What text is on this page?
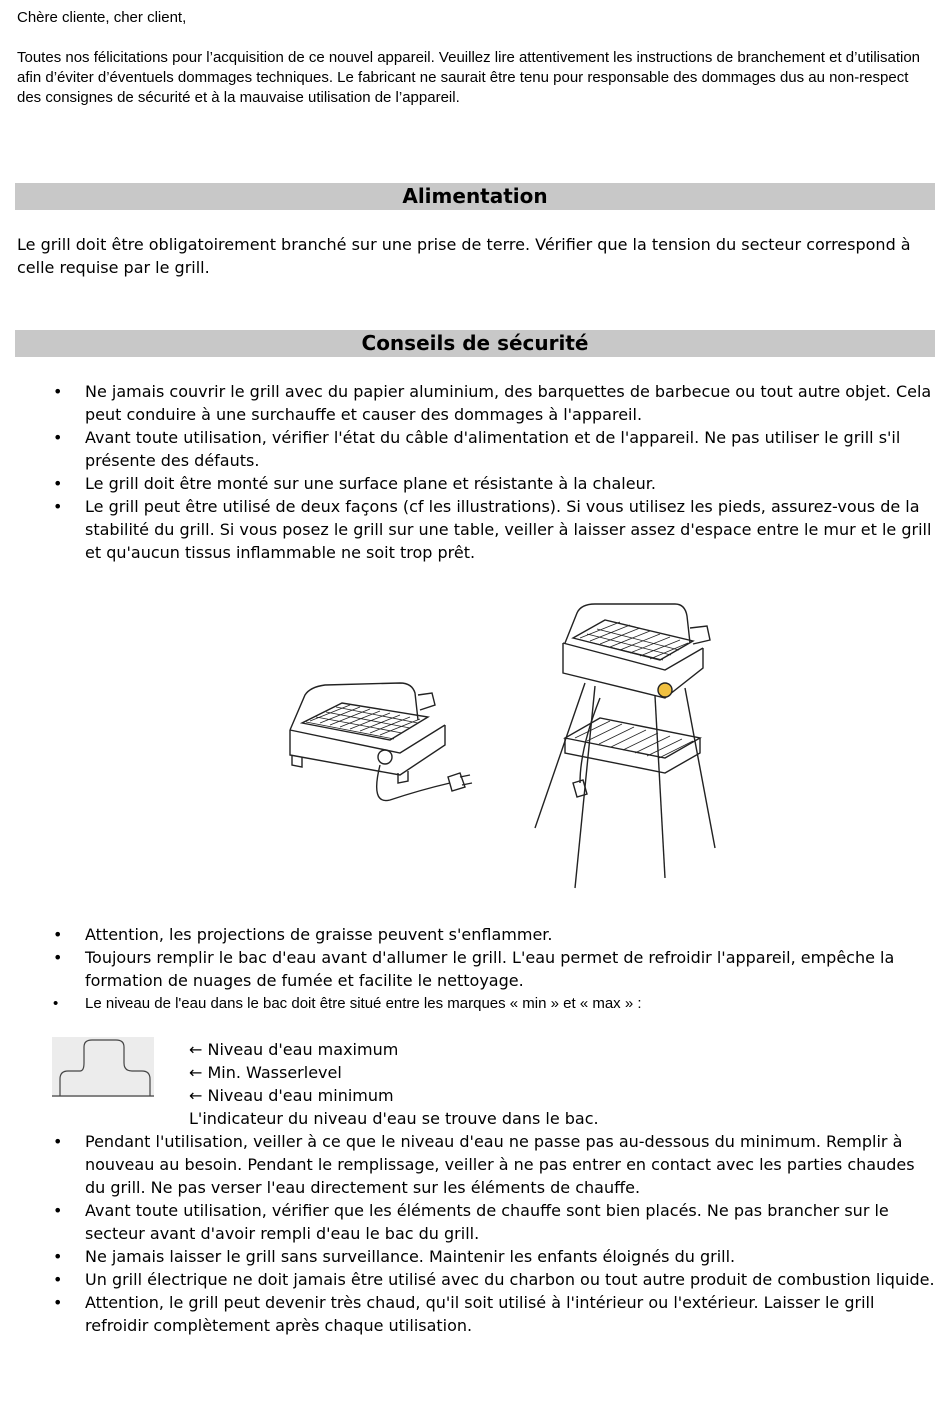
Chère cliente, cher client,

Toutes nos félicitations pour l’acquisition de ce nouvel appareil. Veuillez lire attentivement les instructions de branchement et d’utilisation afin d’éviter d’éventuels dommages techniques. Le fabricant ne saurait être tenu pour responsable des dommages dus au non-respect des consignes de sécurité et à la mauvaise utilisation de l’appareil.

Alimentation

Le grill doit être obligatoirement branché sur une prise de terre. Vérifier que la tension du secteur correspond à celle requise par le grill.

Conseils de sécurité
• Ne jamais couvrir le grill avec du papier aluminium, des barquettes de barbecue ou tout autre objet. Cela peut conduire à une surchauffe et causer des dommages à l'appareil.
• Avant toute utilisation, vérifier l'état du câble d'alimentation et de l'appareil. Ne pas utiliser le grill s'il présente des défauts.
• Le grill doit être monté sur une surface plane et résistante à la chaleur.
• Le grill peut être utilisé de deux façons (cf les illustrations). Si vous utilisez les pieds, assurez-vous de la stabilité du grill. Si vous posez le grill sur une table, veiller à laisser assez d'espace entre le mur et le grill et qu'aucun tissus inflammable ne soit trop prêt.
• Attention, les projections de graisse peuvent s'enflammer.
• Toujours remplir le bac d'eau avant d'allumer le grill. L'eau permet de refroidir l'appareil, empêche la formation de nuages de fumée et facilite le nettoyage.
• Le niveau de l'eau dans le bac doit être situé entre les marques « min » et « max » :
← Niveau d'eau maximum
← Min. Wasserlevel
← Niveau d'eau minimum
L'indicateur du niveau d'eau se trouve dans le bac.
• Pendant l'utilisation, veiller à ce que le niveau d'eau ne passe pas au-dessous du minimum. Remplir à nouveau au besoin. Pendant le remplissage, veiller à ne pas entrer en contact avec les parties chaudes du grill. Ne pas verser l'eau directement sur les éléments de chauffe.
• Avant toute utilisation, vérifier que les éléments de chauffe sont bien placés. Ne pas brancher sur le secteur avant d'avoir rempli d'eau le bac du grill.
• Ne jamais laisser le grill sans surveillance. Maintenir les enfants éloignés du grill.
• Un grill électrique ne doit jamais être utilisé avec du charbon ou tout autre produit de combustion liquide.
• Attention, le grill peut devenir très chaud, qu'il soit utilisé à l'intérieur ou l'extérieur. Laisser le grill refroidir complètement après chaque utilisation.
